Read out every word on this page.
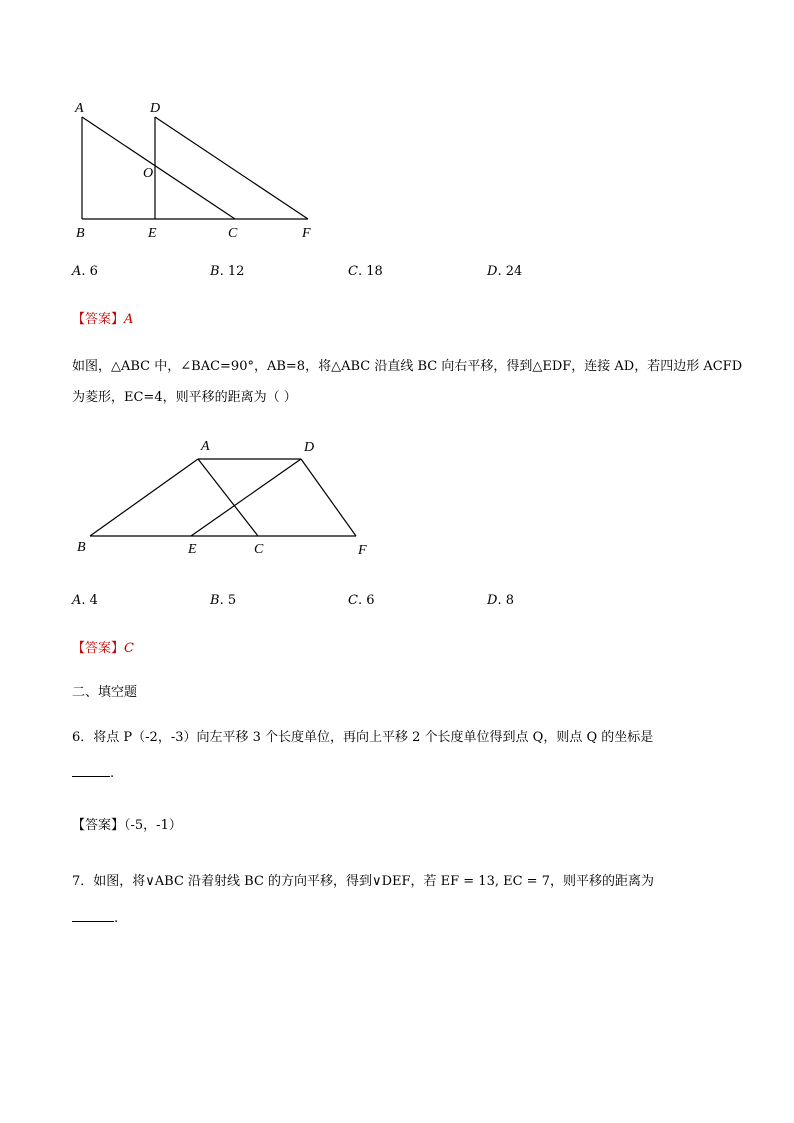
A	D
O
B	E	C	F
A. 6	B. 12	C. 18	D. 24
【答案】A
如图，△ABC 中，∠BAC=90°，AB=8，将△ABC 沿直线 BC 向右平移，得到△EDF，连接 AD，若四边形 ACFD
为菱形，EC=4，则平移的距离为（ ）
A	D
B	E	C	F
A. 4	B. 5	C. 6	D. 8
【答案】C
二、填空题
6．将点 P（-2，-3）向左平移 3 个长度单位，再向上平移 2 个长度单位得到点 Q，则点 Q 的坐标是
.
【答案】（-5，-1）
7．如图，将∨ABC 沿着射线 BC 的方向平移，得到∨DEF，若 EF = 13, EC = 7，则平移的距离为
.
